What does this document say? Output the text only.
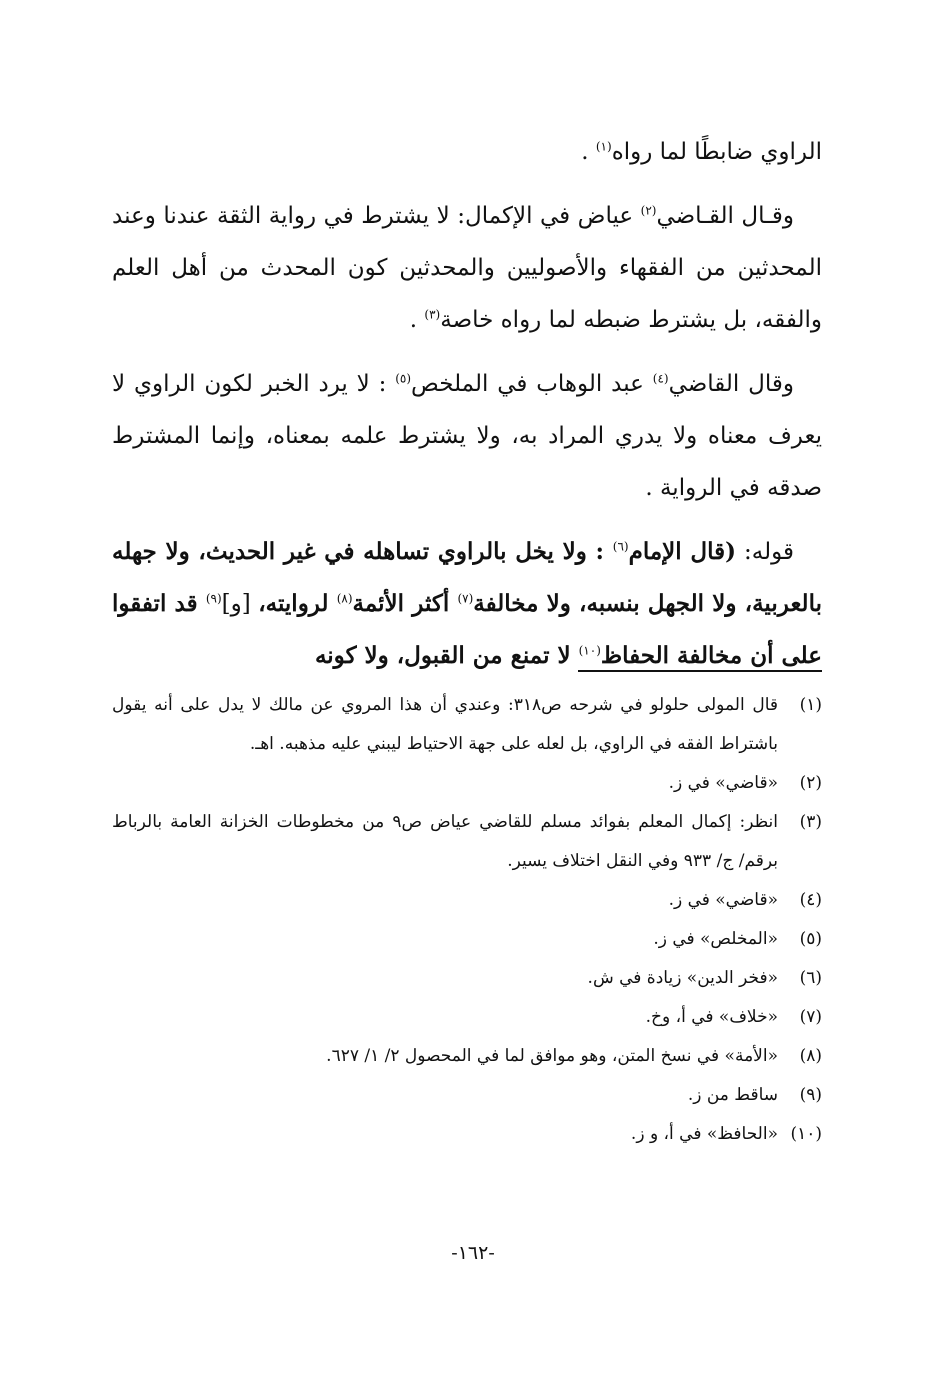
الراوي ضابطًا لما رواه$^{(١)}$ .

وقـال القـاضي$^{(٢)}$ عياض في الإكمال: لا يشترط في رواية الثقة عندنا وعند المحدثين من الفقهاء والأصوليين والمحدثين كون المحدث من أهل العلم والفقه، بل يشترط ضبطه لما رواه خاصة$^{(٣)}$ .

وقال القاضي$^{(٤)}$ عبد الوهاب في الملخص$^{(٥)}$ : لا يرد الخبر لكون الراوي لا يعرف معناه ولا يدري المراد به، ولا يشترط علمه بمعناه، وإنما المشترط صدقه في الرواية .

قوله: (قال الإمام$^{(٦)}$ : ولا يخل بالراوي تساهله في غير الحديث، ولا جهله بالعربية، ولا الجهل بنسبه، ولا مخالفة$^{(٧)}$ أكثر الأئمة$^{(٨)}$ لروايته، [و]$^{(٩)}$ قد اتفقوا على أن مخالفة الحفاظ$^{(١٠)}$ لا تمنع من القبول، ولا كونه

(١)
قال المولى حلولو في شرحه ص٣١٨: وعندي أن هذا المروي عن مالك لا يدل على أنه يقول باشتراط الفقه في الراوي، بل لعله على جهة الاحتياط ليبني عليه مذهبه. اهـ.
(٢)
«قاضي» في ز.
(٣)
انظر: إكمال المعلم بفوائد مسلم للقاضي عياض ص٩ من مخطوطات الخزانة العامة بالرباط برقم/ ج/ ٩٣٣ وفي النقل اختلاف يسير.
(٤)
«قاضي» في ز.
(٥)
«المخلص» في ز.
(٦)
«فخر الدين» زيادة في ش.
(٧)
«خلاف» في أ، وخ.
(٨)
«الأمة» في نسخ المتن، وهو موافق لما في المحصول ٢/ ١/ ٦٢٧.
(٩)
ساقط من ز.
(١٠)
«الحافظ» في أ، و ز.
-١٦٢-
